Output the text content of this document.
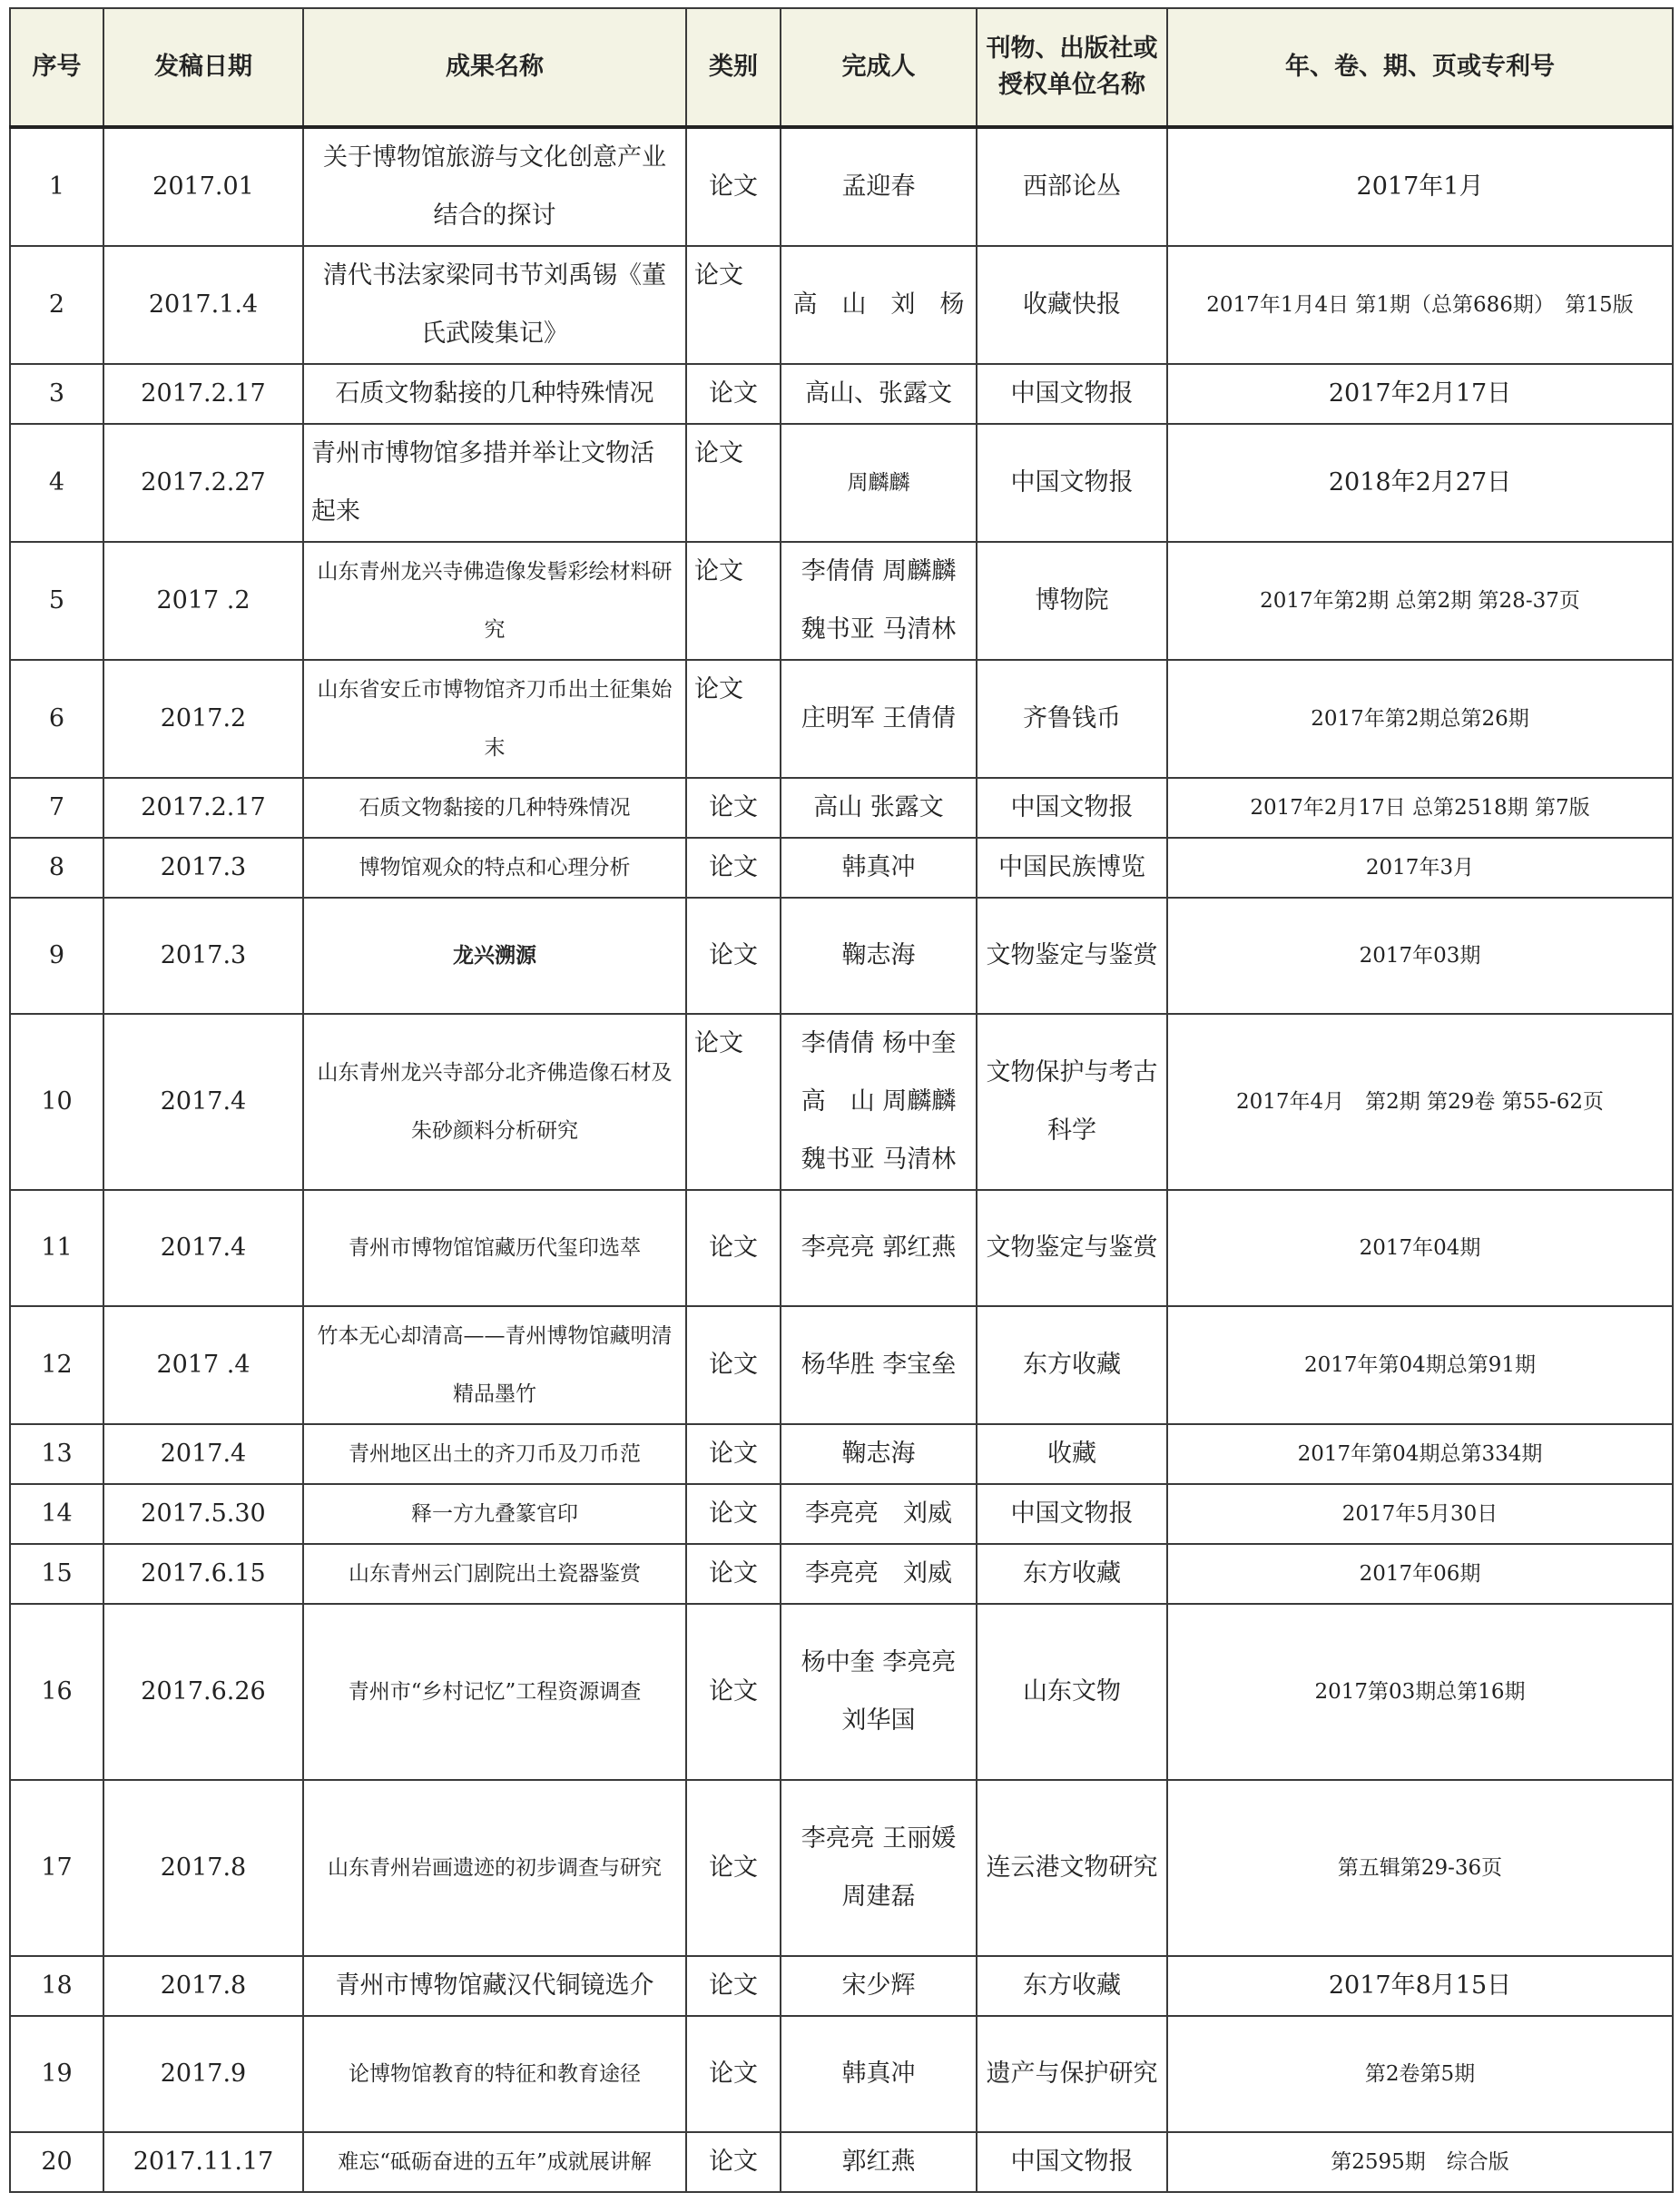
序号	发稿日期	成果名称	类别	完成人	刊物、出版社或授权单位名称	年、卷、期、页或专利号
1	2017.01	关于博物馆旅游与文化创意产业结合的探讨	论文	孟迎春	西部论丛	2017年1月
2	2017.1.4	清代书法家梁同书节刘禹锡《董氏武陵集记》	论文	高　山　刘　杨	收藏快报	2017年1月4日 第1期（总第686期）　第15版
3	2017.2.17	石质文物黏接的几种特殊情况	论文	高山、张露文	中国文物报	2017年2月17日
4	2017.2.27	青州市博物馆多措并举让文物活起来	论文	周麟麟	中国文物报	2018年2月27日
5	2017 .2	山东青州龙兴寺佛造像发髻彩绘材料研究	论文	李倩倩 周麟麟 魏书亚 马清林	博物院	2017年第2期 总第2期 第28-37页
6	2017.2	山东省安丘市博物馆齐刀币出土征集始末	论文	庄明军 王倩倩	齐鲁钱币	2017年第2期总第26期
7	2017.2.17	石质文物黏接的几种特殊情况	论文	高山 张露文	中国文物报	2017年2月17日 总第2518期 第7版
8	2017.3	博物馆观众的特点和心理分析	论文	韩真冲	中国民族博览	2017年3月
9	2017.3	龙兴溯源	论文	鞠志海	文物鉴定与鉴赏	2017年03期
10	2017.4	山东青州龙兴寺部分北齐佛造像石材及朱砂颜料分析研究	论文	李倩倩 杨中奎 高　山 周麟麟 魏书亚 马清林	文物保护与考古科学	2017年4月　第2期 第29卷 第55-62页
11	2017.4	青州市博物馆馆藏历代玺印选萃	论文	李亮亮 郭红燕	文物鉴定与鉴赏	2017年04期
12	2017 .4	竹本无心却清高——青州博物馆藏明清精品墨竹	论文	杨华胜 李宝垒	东方收藏	2017年第04期总第91期
13	2017.4	青州地区出土的齐刀币及刀币范	论文	鞠志海	收藏	2017年第04期总第334期
14	2017.5.30	释一方九叠篆官印	论文	李亮亮　刘威	中国文物报	2017年5月30日
15	2017.6.15	山东青州云门剧院出土瓷器鉴赏	论文	李亮亮　刘威	东方收藏	2017年06期
16	2017.6.26	青州市“乡村记忆”工程资源调查	论文	杨中奎 李亮亮 刘华国	山东文物	2017第03期总第16期
17	2017.8	山东青州岩画遗迹的初步调查与研究	论文	李亮亮 王丽媛 周建磊	连云港文物研究	第五辑第29-36页
18	2017.8	青州市博物馆藏汉代铜镜选介	论文	宋少辉	东方收藏	2017年8月15日
19	2017.9	论博物馆教育的特征和教育途径	论文	韩真冲	遗产与保护研究	第2卷第5期
20	2017.11.17	难忘“砥砺奋进的五年”成就展讲解	论文	郭红燕	中国文物报	第2595期　综合版
